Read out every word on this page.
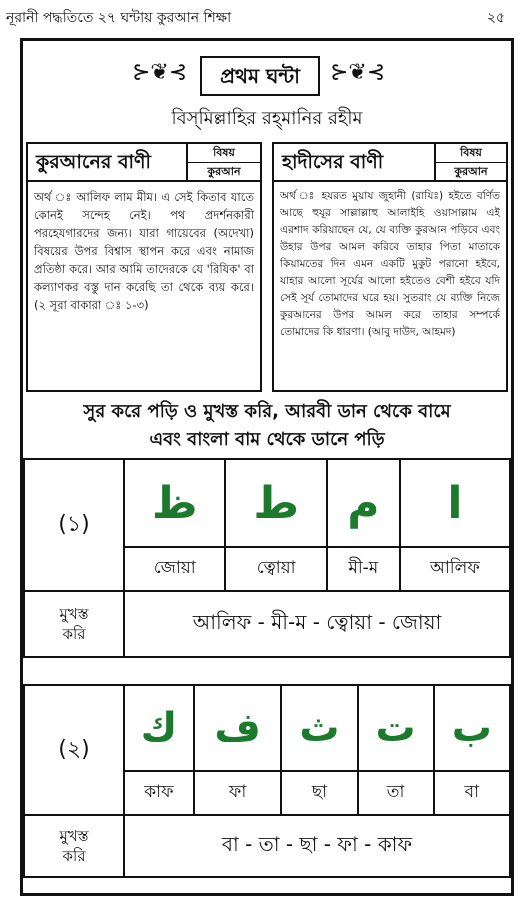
নূরানী পদ্ধতিতে ২৭ ঘন্টায় কুরআন শিক্ষা	২৫
⊱❦⊰	⊱❦⊰
প্রথম ঘন্টা
বিস্‌মিল্লাহির রহ্‌মানির রহীম
কুরআনের বাণী	বিষয়
কুরআন
অর্থ ঃ আলিফ লাম মীম। এ সেই কিতাব যাতে কোনই সন্দেহ নেই। পথ প্রদর্শনকারী পরহেযগারদের জন্য। যারা গায়েবের (অদেখা) বিষয়ের উপর বিশ্বাস স্থাপন করে এবং নামাজ প্রতিষ্ঠা করে। আর আমি তাদেরকে যে 'রিযিক' বা কল্যাণকর বস্তু দান করেছি তা থেকে ব্যয় করে। (২ সূরা বাকারা ঃ ১-৩)
হাদীসের বাণী	বিষয়
কুরআন
অর্থ ঃ হযরত মুয়ায জুহানী (রাযিঃ) হইতে বর্ণিত আছে হুযূর সাল্লাল্লাহু আলাইহি ওয়াসাল্লাম এই এরশাদ করিয়াছেন যে, যে ব্যক্তি কুরআন পড়িবে এবং উহার উপর আমল করিবে তাহার পিতা মাতাকে কিয়ামতের দিন এমন একটি মুকুট পরানো হইবে, যাহার আলো সূর্যের আলো হইতেও বেশী হইবে যদি সেই সূর্য তোমাদের ঘরে হয়। সুতরাং যে ব্যক্তি নিজে কুরআনের উপর আমল করে তাহার সম্পর্কে তোমাদের কি ধারণা। (আবু দাউদ, আহমদ)
সুর করে পড়ি ও মুখস্ত করি, আরবী ডান থেকে বামে
এবং বাংলা বাম থেকে ডানে পড়ি
(১)	ظ	ط	م	ا
	জোয়া	ত্বোয়া	মী-ম	আলিফ
মুখস্ত
করি	আলিফ - মী-ম - ত্বোয়া - জোয়া			
(২)	ك	ف	ث	ت	ب
	কাফ	ফা	ছা	তা	বা
মুখস্ত
করি	বা - তা - ছা - ফা - কাফ				
